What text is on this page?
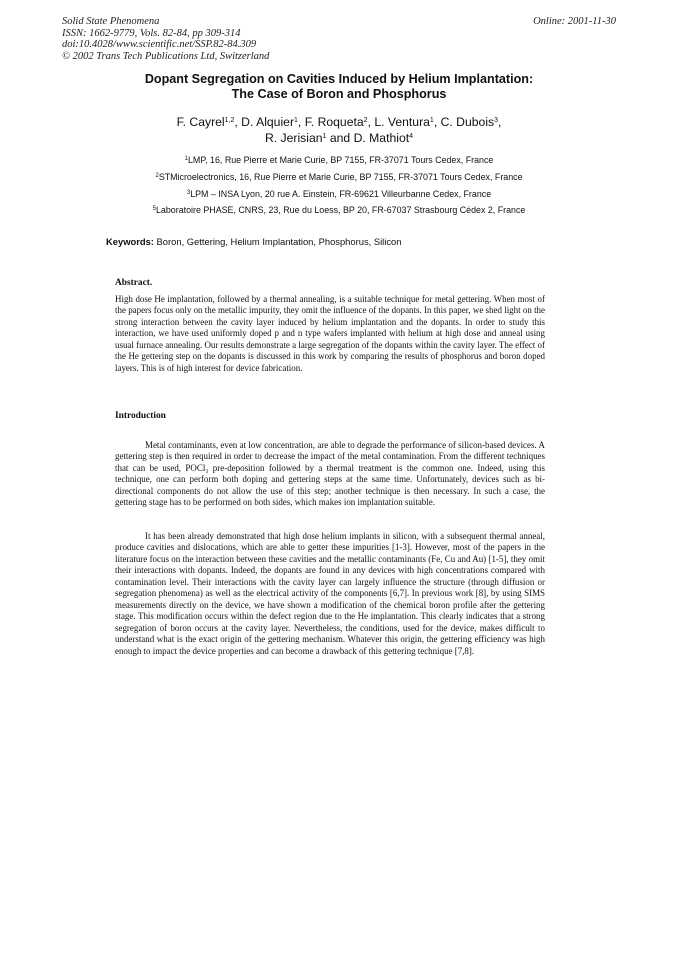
Solid State Phenomena
ISSN: 1662-9779, Vols. 82-84, pp 309-314
doi:10.4028/www.scientific.net/SSP.82-84.309
© 2002 Trans Tech Publications Ltd, Switzerland
Online: 2001-11-30
Dopant Segregation on Cavities Induced by Helium Implantation:
The Case of Boron and Phosphorus
F. Cayrel$^{1,2}$, D. Alquier$^1$, F. Roqueta$^2$, L. Ventura$^1$, C. Dubois$^3$,
R. Jerisian$^1$ and D. Mathiot$^4$
$^1$LMP, 16, Rue Pierre et Marie Curie, BP 7155, FR-37071 Tours Cedex, France
$^2$STMicroelectronics, 16, Rue Pierre et Marie Curie, BP 7155, FR-37071 Tours Cedex, France
$^3$LPM – INSA Lyon, 20 rue A. Einstein, FR-69621 Villeurbanne Cedex, France
$^5$Laboratoire PHASE, CNRS, 23, Rue du Loess, BP 20, FR-67037 Strasbourg Cédex 2, France
Keywords: Boron, Gettering, Helium Implantation, Phosphorus, Silicon
Abstract.
High dose He implantation, followed by a thermal annealing, is a suitable technique for metal gettering. When most of the papers focus only on the metallic impurity, they omit the influence of the dopants. In this paper, we shed light on the strong interaction between the cavity layer induced by helium implantation and the dopants. In order to study this interaction, we have used uniformly doped p and n type wafers implanted with helium at high dose and anneal using usual furnace annealing. Our results demonstrate a large segregation of the dopants within the cavity layer. The effect of the He gettering step on the dopants is discussed in this work by comparing the results of phosphorus and boron doped layers. This is of high interest for device fabrication.
Introduction
Metal contaminants, even at low concentration, are able to degrade the performance of silicon-based devices. A gettering step is then required in order to decrease the impact of the metal contamination. From the different techniques that can be used, POCl₃ pre-deposition followed by a thermal treatment is the common one. Indeed, using this technique, one can perform both doping and gettering steps at the same time. Unfortunately, devices such as bi-directional components do not allow the use of this step; another technique is then necessary. In such a case, the gettering stage has to be performed on both sides, which makes ion implantation suitable.
It has been already demonstrated that high dose helium implants in silicon, with a subsequent thermal anneal, produce cavities and dislocations, which are able to getter these impurities [1-3]. However, most of the papers in the literature focus on the interaction between these cavities and the metallic contaminants (Fe, Cu and Au) [1-5], they omit their interactions with dopants. Indeed, the dopants are found in any devices with high concentrations compared with contamination level. Their interactions with the cavity layer can largely influence the structure (through diffusion or segregation phenomena) as well as the electrical activity of the components [6,7]. In previous work [8], by using SIMS measurements directly on the device, we have shown a modification of the chemical boron profile after the gettering stage. This modification occurs within the defect region due to the He implantation. This clearly indicates that a strong segregation of boron occurs at the cavity layer. Nevertheless, the conditions, used for the device, makes difficult to understand what is the exact origin of the gettering mechanism. Whatever this origin, the gettering efficiency was high enough to impact the device properties and can become a drawback of this gettering technique [7,8].
